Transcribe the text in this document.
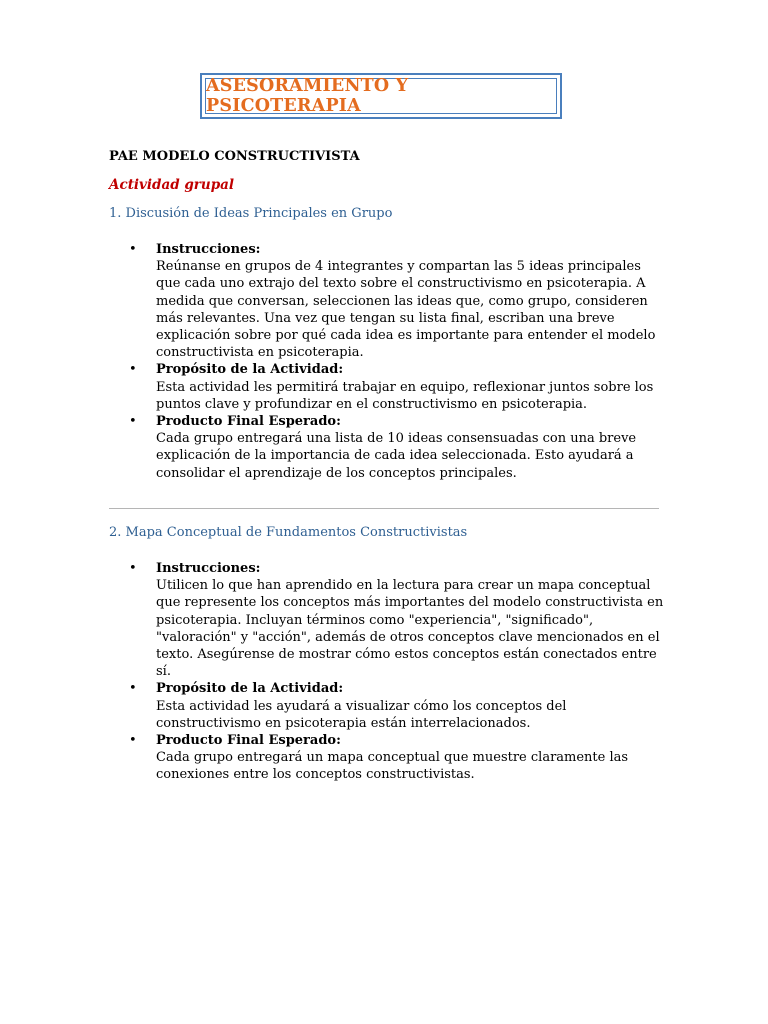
ASESORAMIENTO Y PSICOTERAPIA
PAE MODELO CONSTRUCTIVISTA
Actividad grupal
1. Discusión de Ideas Principales en Grupo
• Instrucciones:
Reúnanse en grupos de 4 integrantes y compartan las 5 ideas principales que cada uno extrajo del texto sobre el constructivismo en psicoterapia. A medida que conversan, seleccionen las ideas que, como grupo, consideren más relevantes. Una vez que tengan su lista final, escriban una breve explicación sobre por qué cada idea es importante para entender el modelo constructivista en psicoterapia.
• Propósito de la Actividad:
Esta actividad les permitirá trabajar en equipo, reflexionar juntos sobre los puntos clave y profundizar en el constructivismo en psicoterapia.
• Producto Final Esperado:
Cada grupo entregará una lista de 10 ideas consensuadas con una breve explicación de la importancia de cada idea seleccionada. Esto ayudará a consolidar el aprendizaje de los conceptos principales.
2. Mapa Conceptual de Fundamentos Constructivistas
• Instrucciones:
Utilicen lo que han aprendido en la lectura para crear un mapa conceptual que represente los conceptos más importantes del modelo constructivista en psicoterapia. Incluyan términos como "experiencia", "significado", "valoración" y "acción", además de otros conceptos clave mencionados en el texto. Asegúrense de mostrar cómo estos conceptos están conectados entre sí.
• Propósito de la Actividad:
Esta actividad les ayudará a visualizar cómo los conceptos del constructivismo en psicoterapia están interrelacionados.
• Producto Final Esperado:
Cada grupo entregará un mapa conceptual que muestre claramente las conexiones entre los conceptos constructivistas.
